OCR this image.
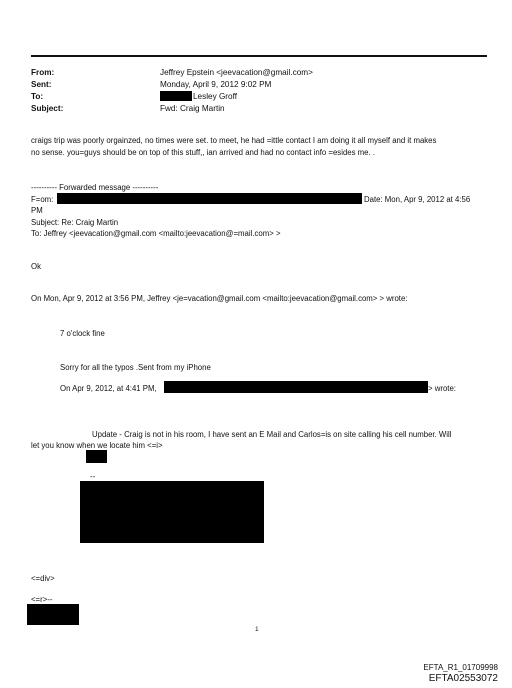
From:	Jeffrey Epstein <jeevacation@gmail.com>
Sent:	Monday, April 9, 2012 9:02 PM
To:	Lesley Groff
Subject:	Fwd: Craig Martin
craigs trip was poorly orgainzed, no times were set. to meet, he had =ittle contact I am doing it all myself and it makes
no sense. you=guys should be on top of this stuff,, ian arrived and had no contact info =esides me. .
---------- Forwarded message ----------
F=om:	Date: Mon, Apr 9, 2012 at 4:56
PM
Subject: Re: Craig Martin
To: Jeffrey <jeevacation@gmail.com <mailto:jeevacation@=mail.com> >
Ok
On Mon, Apr 9, 2012 at 3:56 PM, Jeffrey <je=vacation@gmail.com <mailto:jeevacation@gmail.com> > wrote:
7 o'clock fine
Sorry for all the typos .Sent from my iPhone
On Apr 9, 2012, at 4:41 PM,	> wrote:
Update - Craig is not in his room, I have sent an E Mail and Carlos=is on site calling his cell number. Will
let you know when we locate him <=i>
--
<=div>
<=r>--
1
EFTA_R1_01709998
EFTA02553072
